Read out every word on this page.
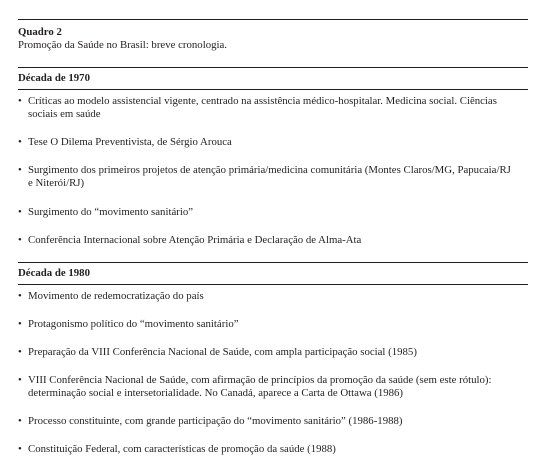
Quadro 2
Promoção da Saúde no Brasil: breve cronologia.
Década de 1970
• Críticas ao modelo assistencial vigente, centrado na assistência médico-hospitalar. Medicina social. Ciências sociais em saúde
• Tese O Dilema Preventivista, de Sérgio Arouca
• Surgimento dos primeiros projetos de atenção primária/medicina comunitária (Montes Claros/MG, Papucaia/RJ e Niterói/RJ)
• Surgimento do “movimento sanitário”
• Conferência Internacional sobre Atenção Primária e Declaração de Alma-Ata
Década de 1980
• Movimento de redemocratização do país
• Protagonismo político do “movimento sanitário”
• Preparação da VIII Conferência Nacional de Saúde, com ampla participação social (1985)
• VIII Conferência Nacional de Saúde, com afirmação de princípios da promoção da saúde (sem este rótulo): determinação social e intersetorialidade. No Canadá, aparece a Carta de Ottawa (1986)
• Processo constituinte, com grande participação do “movimento sanitário” (1986-1988)
• Constituição Federal, com características de promoção da saúde (1988)
